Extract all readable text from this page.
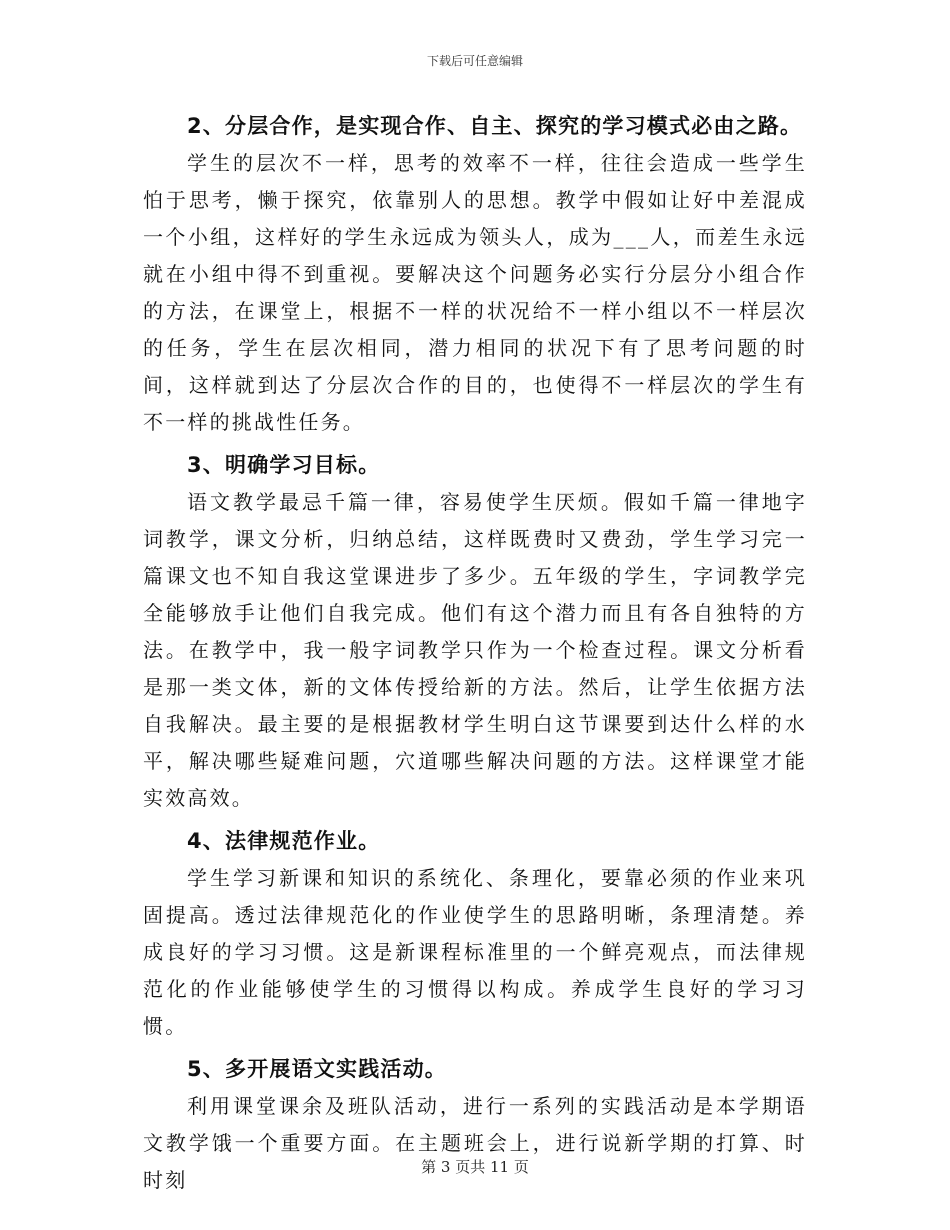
下载后可任意编辑
2、分层合作，是实现合作、自主、探究的学习模式必由之路。

学生的层次不一样，思考的效率不一样，往往会造成一些学生怕于思考，懒于探究，依靠别人的思想。教学中假如让好中差混成一个小组，这样好的学生永远成为领头人，成为___人，而差生永远就在小组中得不到重视。要解决这个问题务必实行分层分小组合作的方法，在课堂上，根据不一样的状况给不一样小组以不一样层次的任务，学生在层次相同，潜力相同的状况下有了思考问题的时间，这样就到达了分层次合作的目的，也使得不一样层次的学生有不一样的挑战性任务。

3、明确学习目标。

语文教学最忌千篇一律，容易使学生厌烦。假如千篇一律地字词教学，课文分析，归纳总结，这样既费时又费劲，学生学习完一篇课文也不知自我这堂课进步了多少。五年级的学生，字词教学完全能够放手让他们自我完成。他们有这个潜力而且有各自独特的方法。在教学中，我一般字词教学只作为一个检查过程。课文分析看是那一类文体，新的文体传授给新的方法。然后，让学生依据方法自我解决。最主要的是根据教材学生明白这节课要到达什么样的水平，解决哪些疑难问题，穴道哪些解决问题的方法。这样课堂才能实效高效。

4、法律规范作业。

学生学习新课和知识的系统化、条理化，要靠必须的作业来巩固提高。透过法律规范化的作业使学生的思路明晰，条理清楚。养成良好的学习习惯。这是新课程标准里的一个鲜亮观点，而法律规范化的作业能够使学生的习惯得以构成。养成学生良好的学习习惯。

5、多开展语文实践活动。

利用课堂课余及班队活动，进行一系列的实践活动是本学期语文教学饿一个重要方面。在主题班会上，进行说新学期的打算、时时刻

第 3 页共 11 页
